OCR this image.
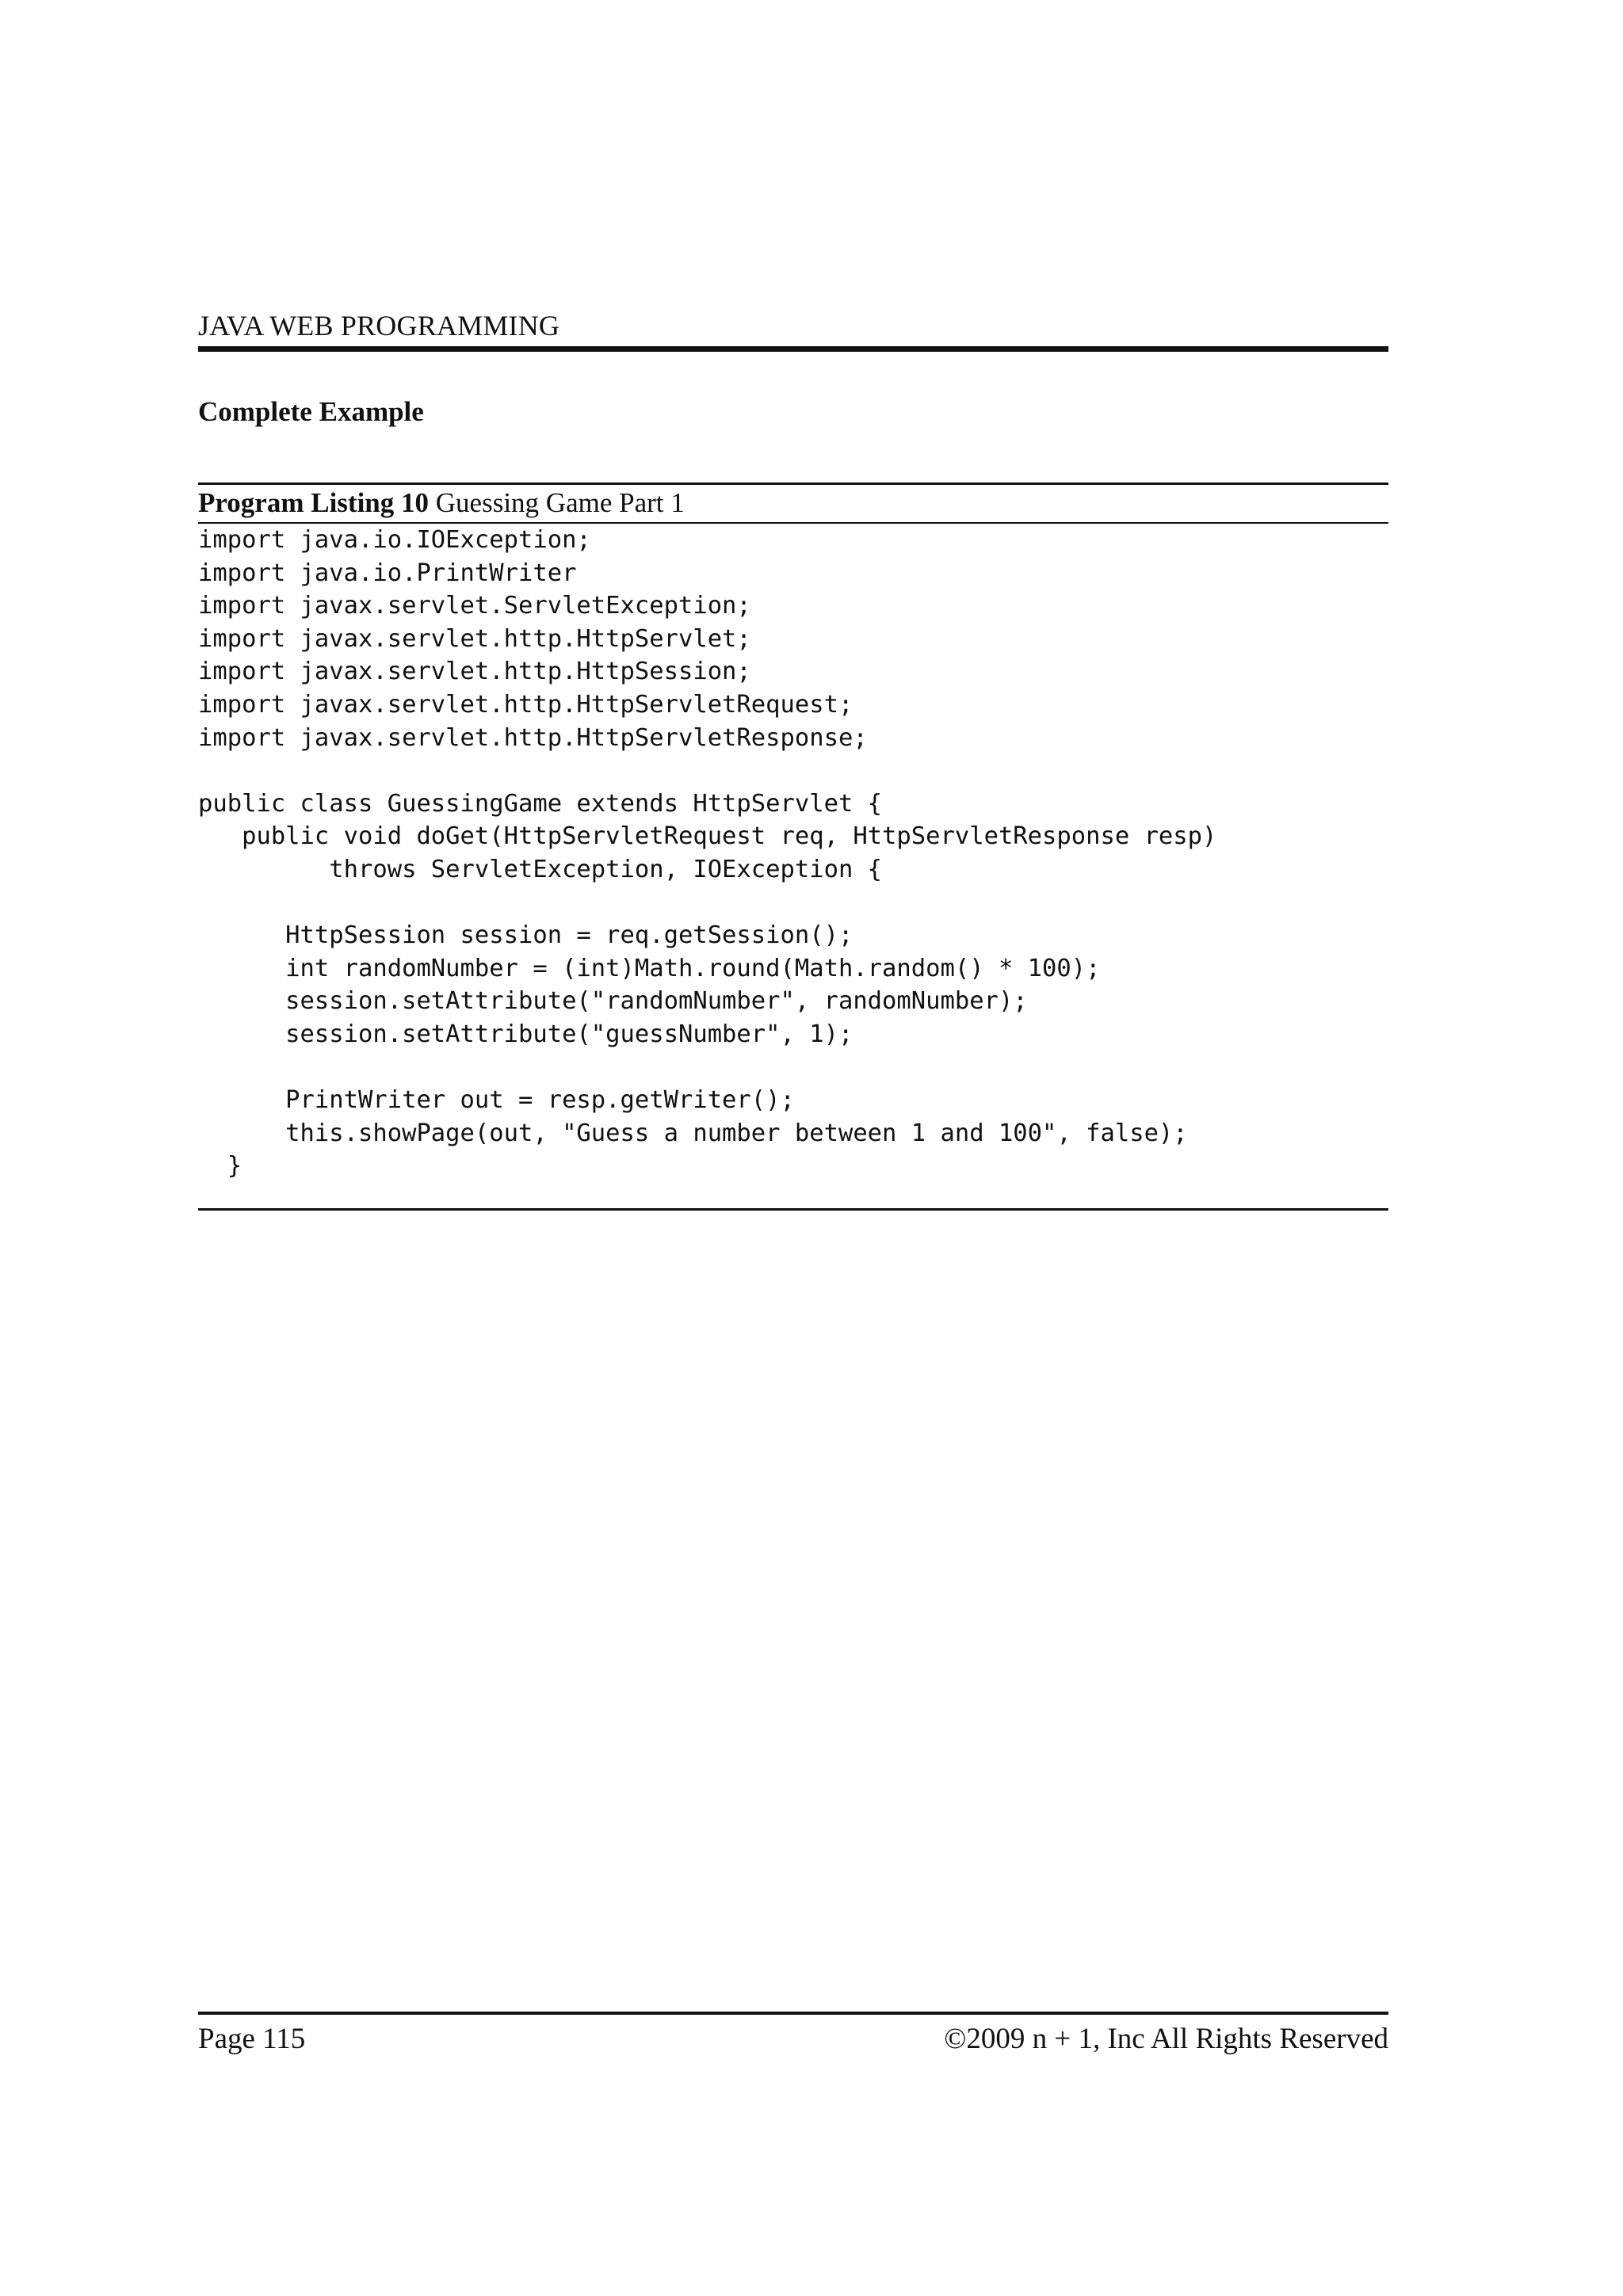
JAVA WEB PROGRAMMING
Complete Example
Program Listing 10 Guessing Game Part 1
import java.io.IOException;
import java.io.PrintWriter
import javax.servlet.ServletException;
import javax.servlet.http.HttpServlet;
import javax.servlet.http.HttpSession;
import javax.servlet.http.HttpServletRequest;
import javax.servlet.http.HttpServletResponse;
public class GuessingGame extends HttpServlet {
public void doGet(HttpServletRequest req, HttpServletResponse resp)
throws ServletException, IOException {
HttpSession session = req.getSession();
int randomNumber = (int)Math.round(Math.random() * 100);
session.setAttribute("randomNumber", randomNumber);
session.setAttribute("guessNumber", 1);
PrintWriter out = resp.getWriter();
this.showPage(out, "Guess a number between 1 and 100", false);
}
Page 115	©2009 n + 1, Inc All Rights Reserved
